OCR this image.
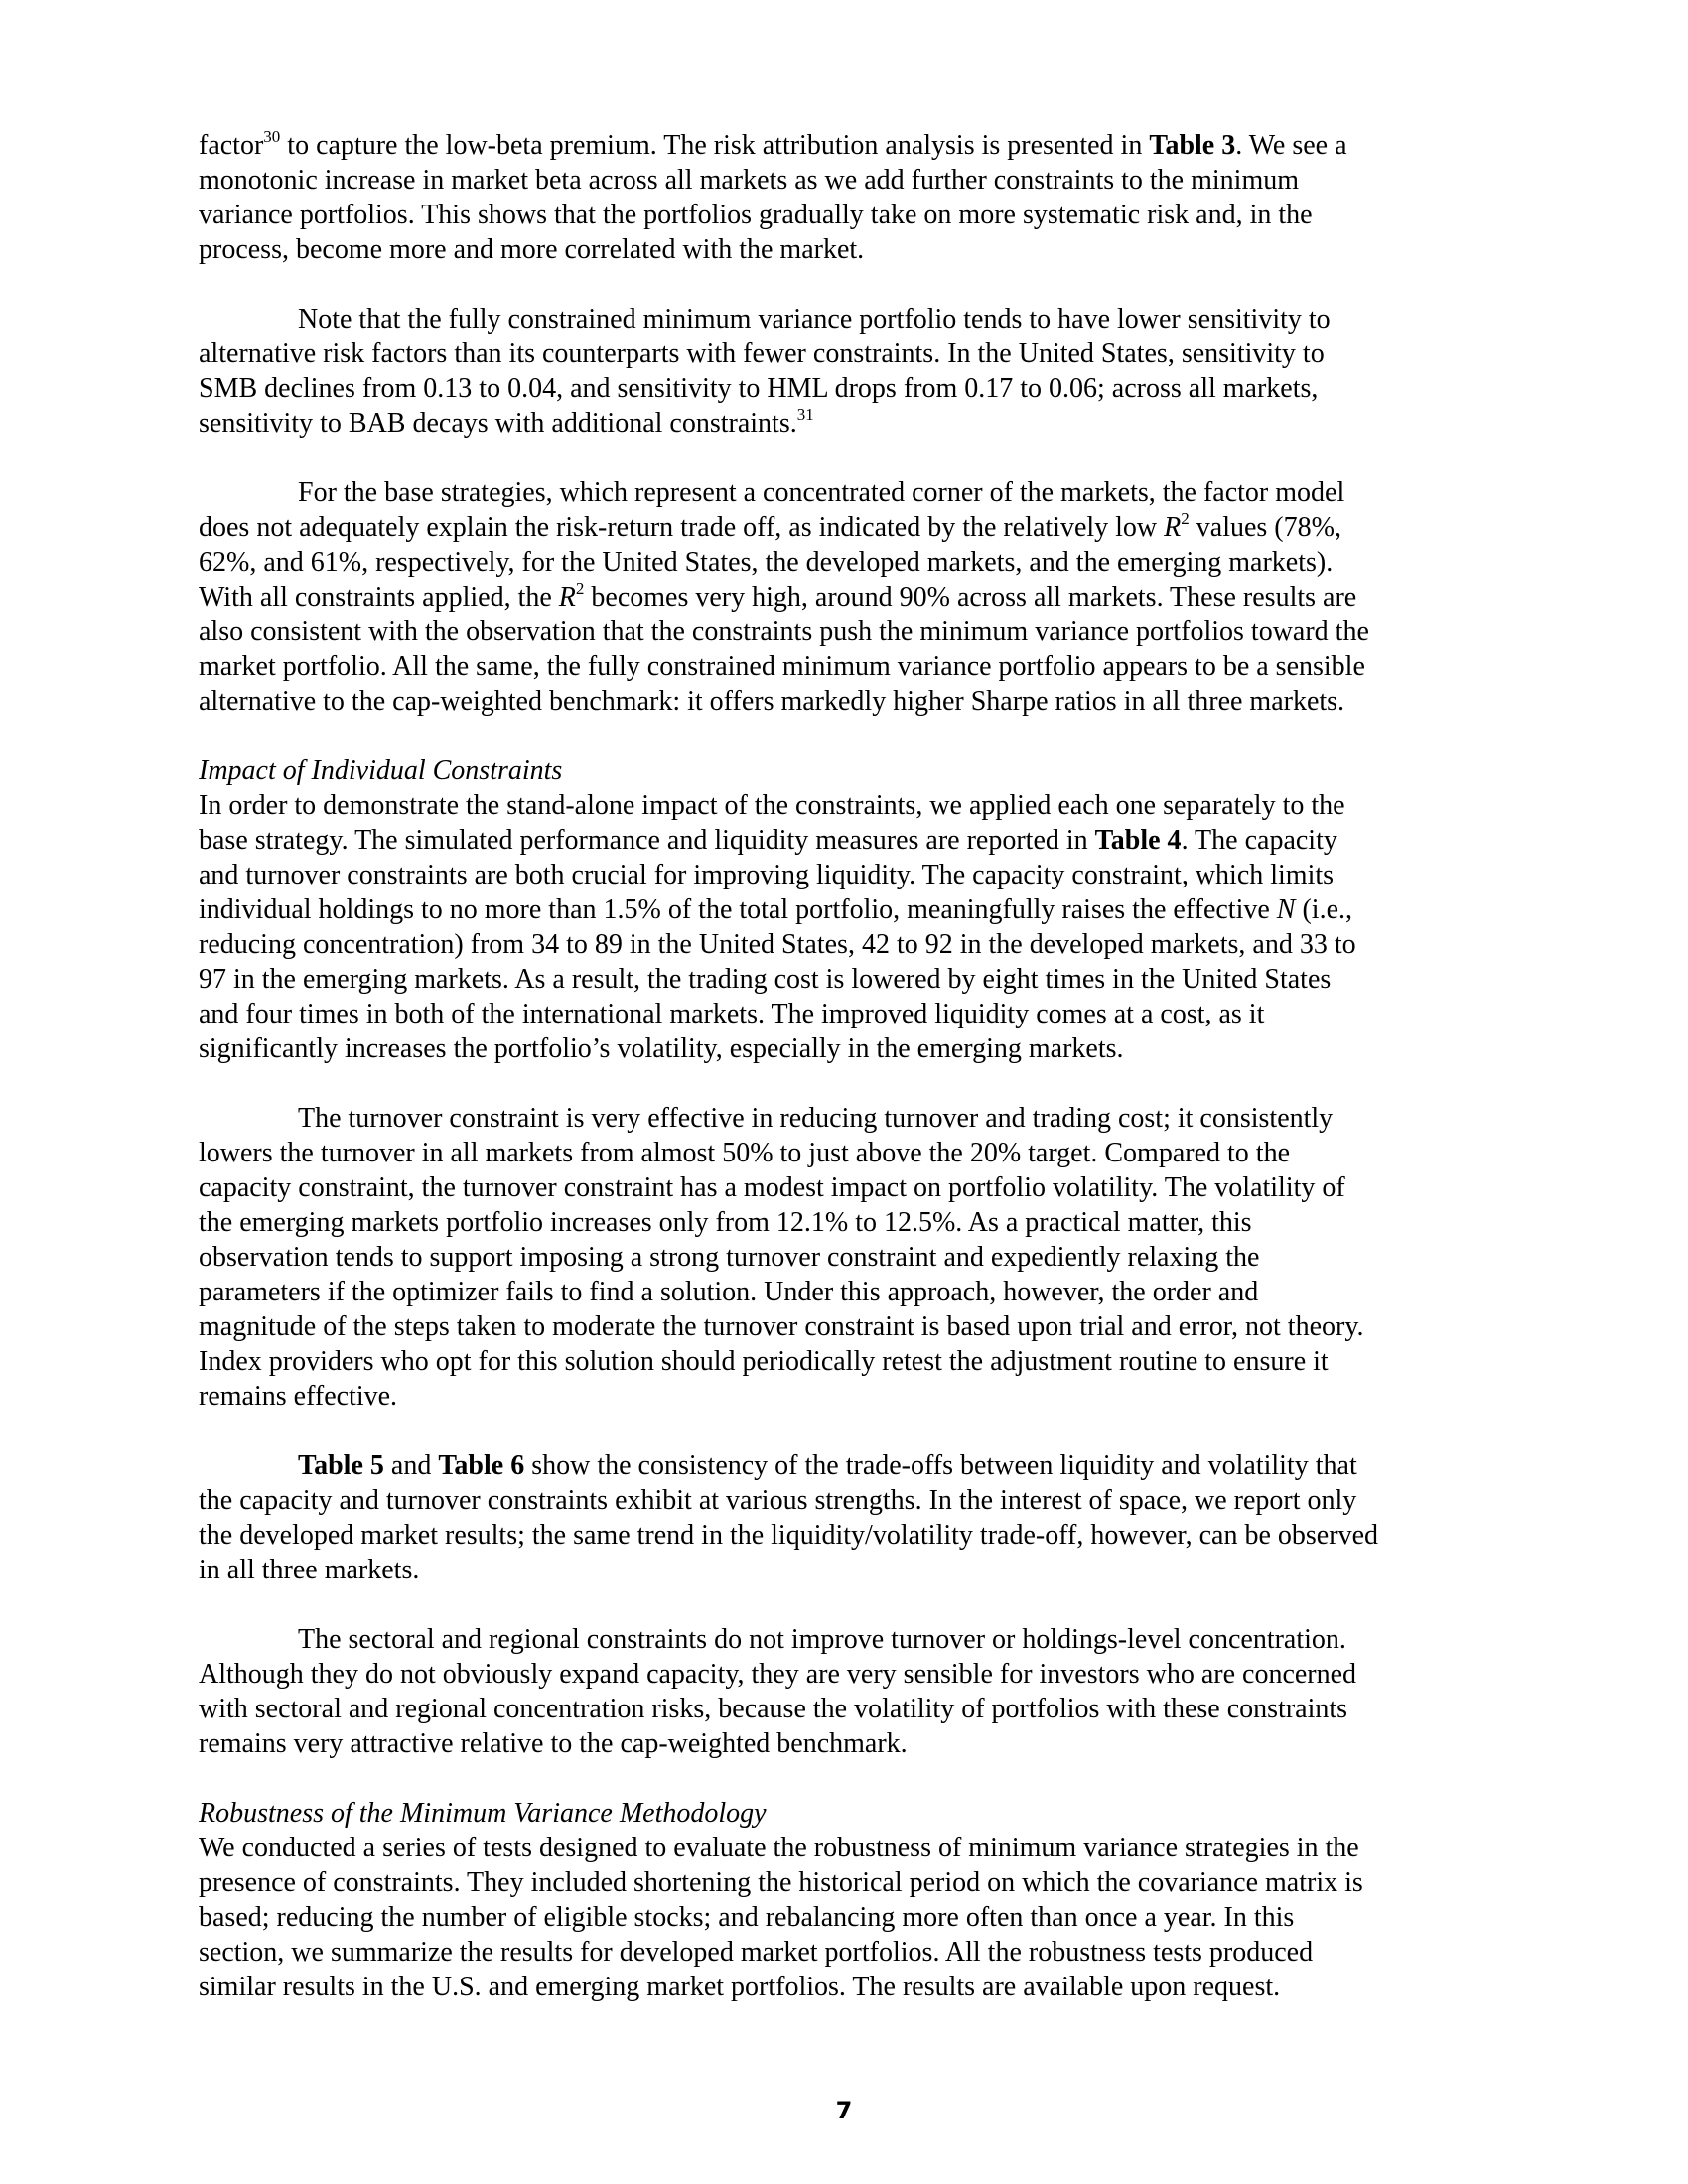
factor$^{30}$ to capture the low-beta premium. The risk attribution analysis is presented in Table 3. We see a
monotonic increase in market beta across all markets as we add further constraints to the minimum
variance portfolios. This shows that the portfolios gradually take on more systematic risk and, in the
process, become more and more correlated with the market.
Note that the fully constrained minimum variance portfolio tends to have lower sensitivity to
alternative risk factors than its counterparts with fewer constraints. In the United States, sensitivity to
SMB declines from 0.13 to 0.04, and sensitivity to HML drops from 0.17 to 0.06; across all markets,
sensitivity to BAB decays with additional constraints.$^{31}$
For the base strategies, which represent a concentrated corner of the markets, the factor model
does not adequately explain the risk-return trade off, as indicated by the relatively low $R^2$ values (78%,
62%, and 61%, respectively, for the United States, the developed markets, and the emerging markets).
With all constraints applied, the $R^2$ becomes very high, around 90% across all markets. These results are
also consistent with the observation that the constraints push the minimum variance portfolios toward the
market portfolio. All the same, the fully constrained minimum variance portfolio appears to be a sensible
alternative to the cap-weighted benchmark: it offers markedly higher Sharpe ratios in all three markets.
Impact of Individual Constraints
In order to demonstrate the stand-alone impact of the constraints, we applied each one separately to the
base strategy. The simulated performance and liquidity measures are reported in Table 4. The capacity
and turnover constraints are both crucial for improving liquidity. The capacity constraint, which limits
individual holdings to no more than 1.5% of the total portfolio, meaningfully raises the effective N (i.e.,
reducing concentration) from 34 to 89 in the United States, 42 to 92 in the developed markets, and 33 to
97 in the emerging markets. As a result, the trading cost is lowered by eight times in the United States
and four times in both of the international markets. The improved liquidity comes at a cost, as it
significantly increases the portfolio’s volatility, especially in the emerging markets.
The turnover constraint is very effective in reducing turnover and trading cost; it consistently
lowers the turnover in all markets from almost 50% to just above the 20% target. Compared to the
capacity constraint, the turnover constraint has a modest impact on portfolio volatility. The volatility of
the emerging markets portfolio increases only from 12.1% to 12.5%. As a practical matter, this
observation tends to support imposing a strong turnover constraint and expediently relaxing the
parameters if the optimizer fails to find a solution. Under this approach, however, the order and
magnitude of the steps taken to moderate the turnover constraint is based upon trial and error, not theory.
Index providers who opt for this solution should periodically retest the adjustment routine to ensure it
remains effective.
Table 5 and Table 6 show the consistency of the trade-offs between liquidity and volatility that
the capacity and turnover constraints exhibit at various strengths. In the interest of space, we report only
the developed market results; the same trend in the liquidity/volatility trade-off, however, can be observed
in all three markets.
The sectoral and regional constraints do not improve turnover or holdings-level concentration.
Although they do not obviously expand capacity, they are very sensible for investors who are concerned
with sectoral and regional concentration risks, because the volatility of portfolios with these constraints
remains very attractive relative to the cap-weighted benchmark.
Robustness of the Minimum Variance Methodology
We conducted a series of tests designed to evaluate the robustness of minimum variance strategies in the
presence of constraints. They included shortening the historical period on which the covariance matrix is
based; reducing the number of eligible stocks; and rebalancing more often than once a year. In this
section, we summarize the results for developed market portfolios. All the robustness tests produced
similar results in the U.S. and emerging market portfolios. The results are available upon request.
7
